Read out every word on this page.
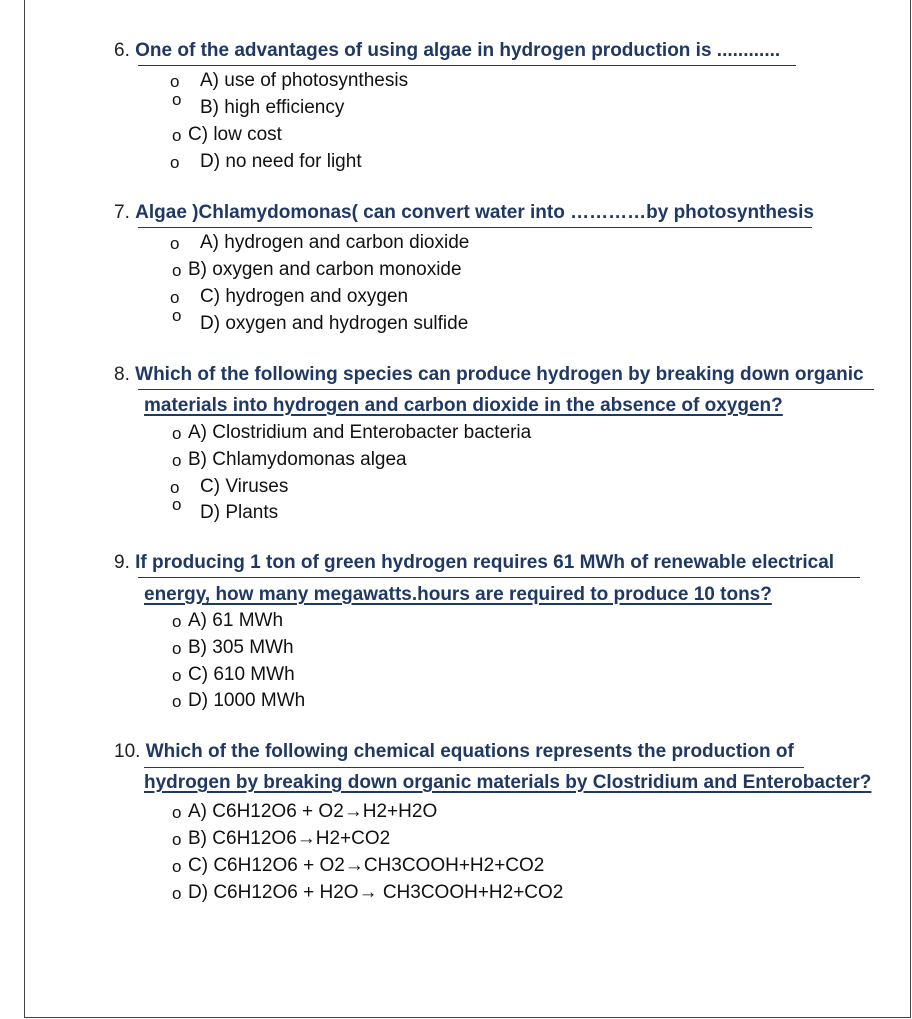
6. One of the advantages of using algae in hydrogen production is ............
o A) use of photosynthesis
o B) high efficiency
o C) low cost
o D) no need for light
7. Algae )Chlamydomonas( can convert water into …………by photosynthesis
o A) hydrogen and carbon dioxide
o B) oxygen and carbon monoxide
o C) hydrogen and oxygen
o D) oxygen and hydrogen sulfide
8. Which of the following species can produce hydrogen by breaking down organic
materials into hydrogen and carbon dioxide in the absence of oxygen?
o A) Clostridium and Enterobacter bacteria
o B) Chlamydomonas algea
o C) Viruses
o D) Plants
9. If producing 1 ton of green hydrogen requires 61 MWh of renewable electrical
energy, how many megawatts.hours are required to produce 10 tons?
o A) 61 MWh
o B) 305 MWh
o C) 610 MWh
o D) 1000 MWh
10. Which of the following chemical equations represents the production of
hydrogen by breaking down organic materials by Clostridium and Enterobacter?
o A) C6H12O6 + O2→H2+H2O
o B) C6H12O6→H2+CO2
o C) C6H12O6 + O2→CH3COOH+H2+CO2
o D) C6H12O6 + H2O→ CH3COOH+H2+CO2
